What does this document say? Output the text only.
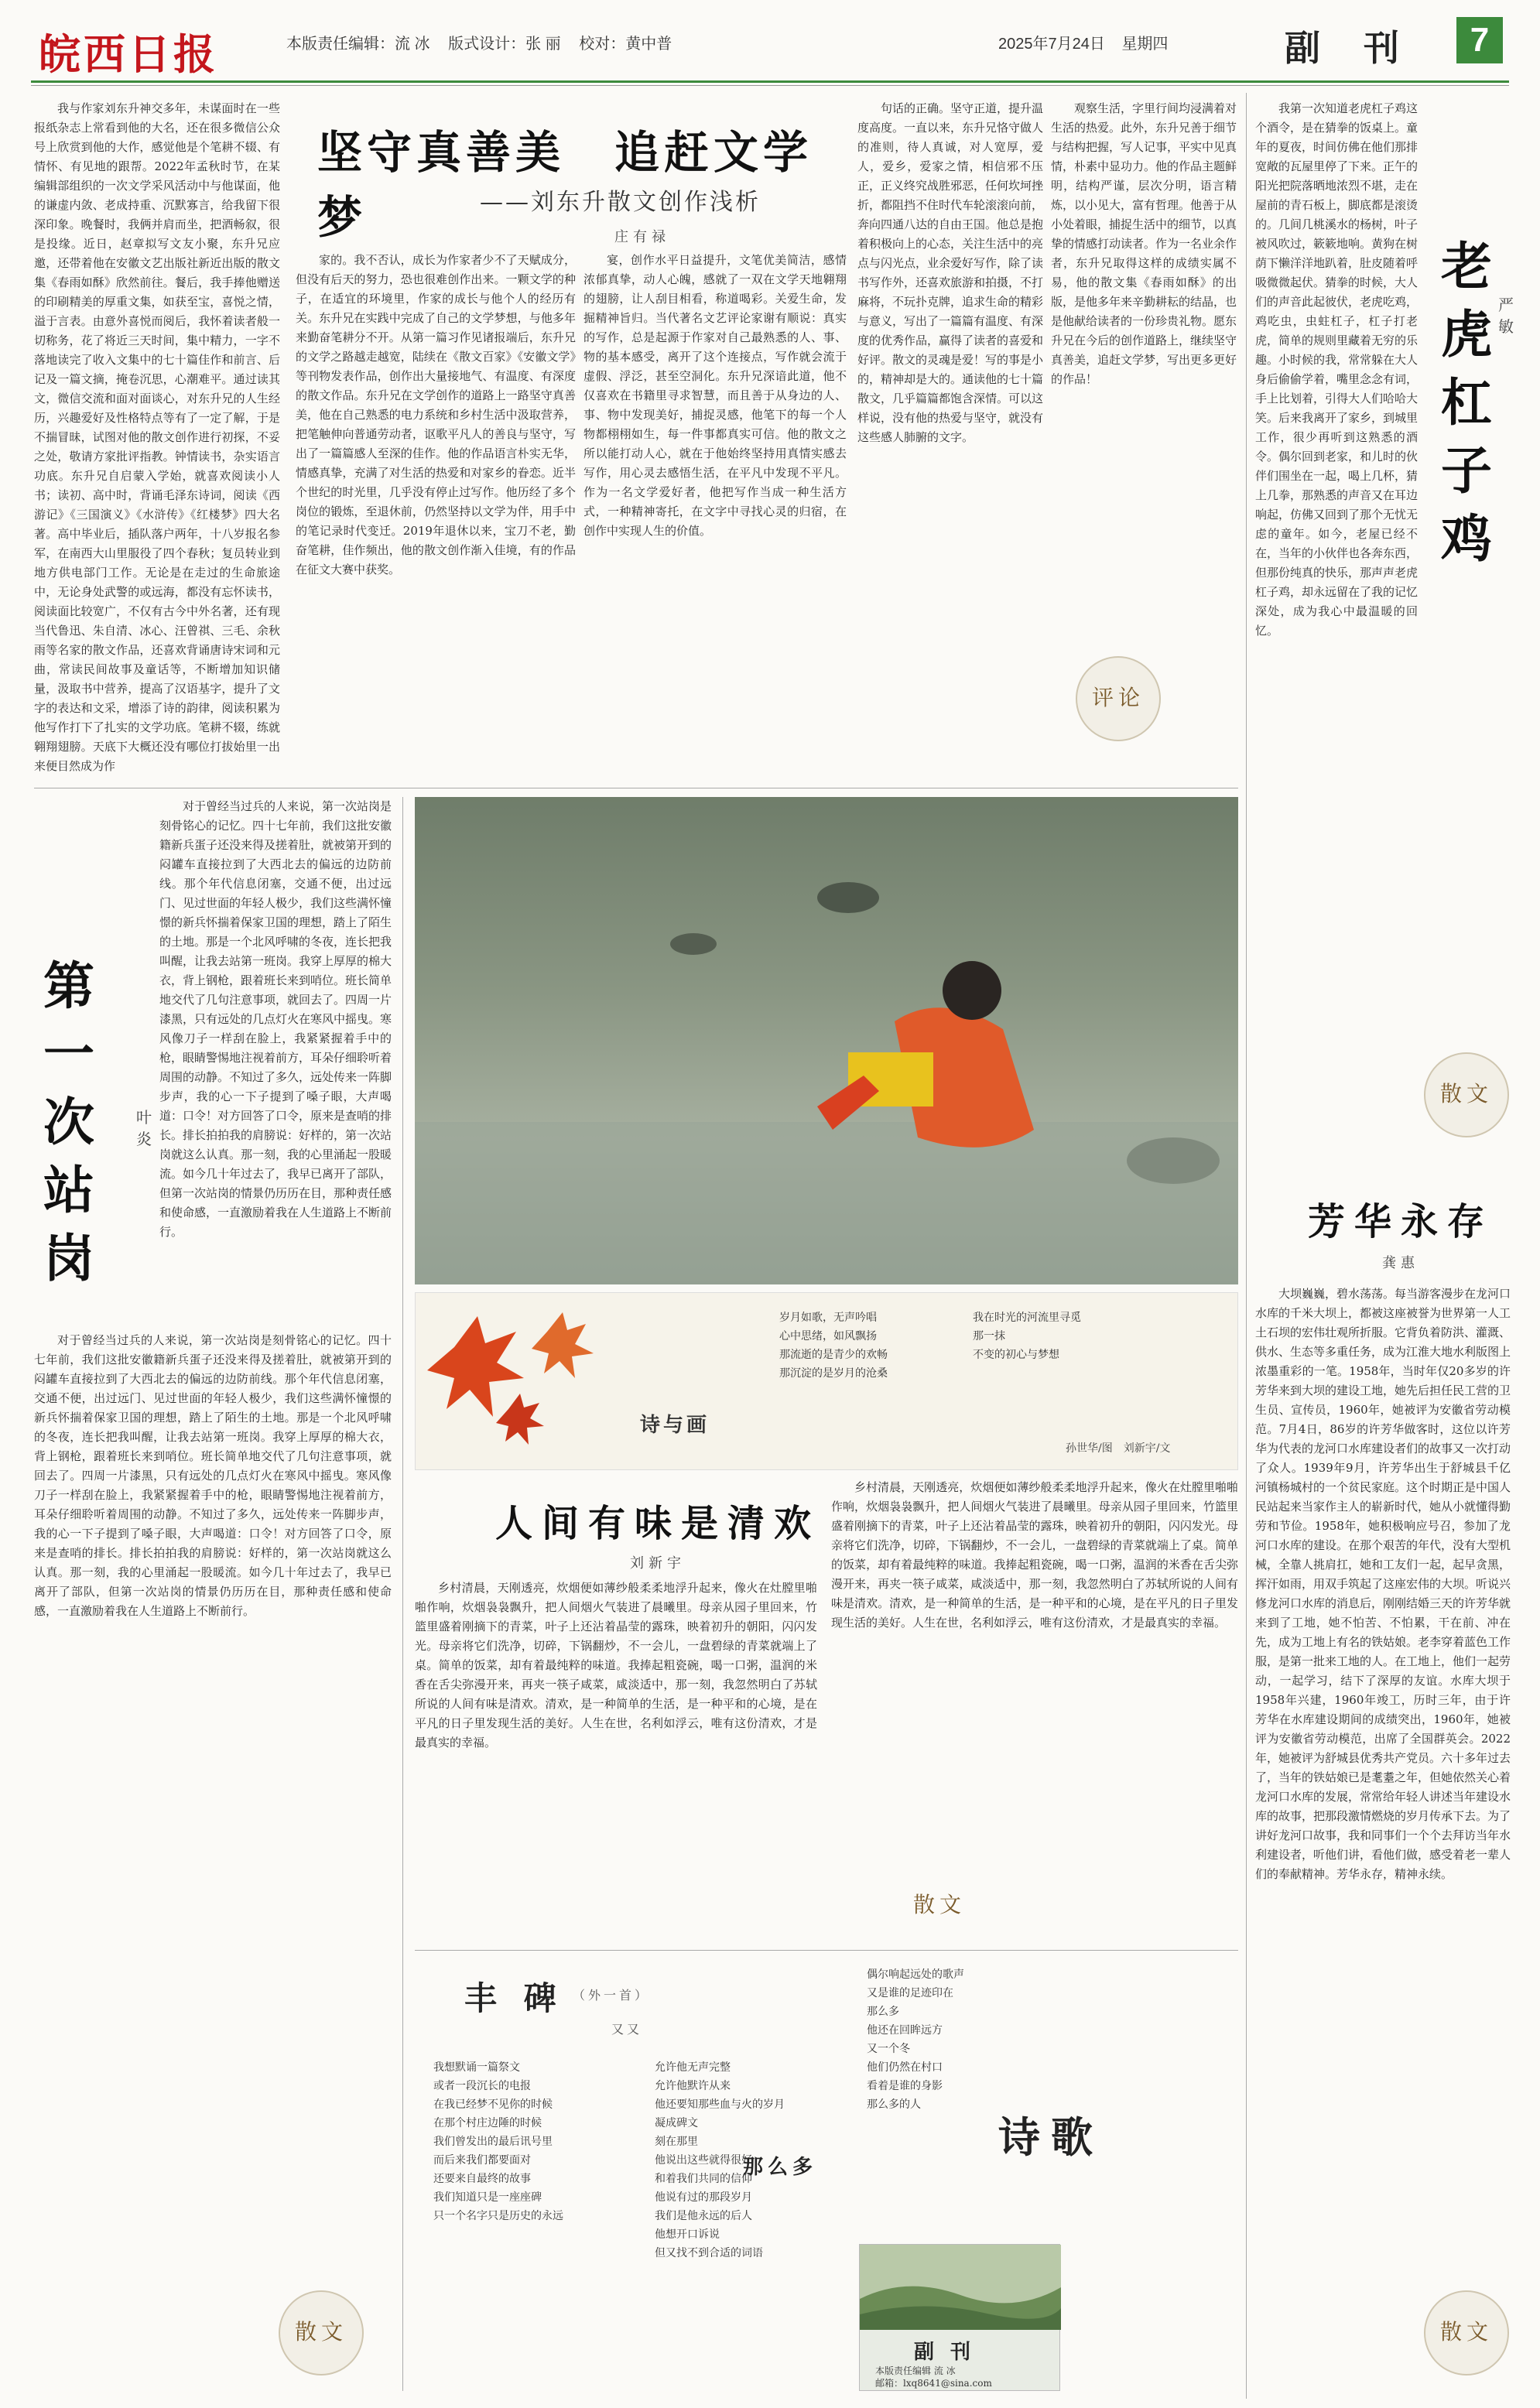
皖西日报	本版责任编辑：流 冰 版式设计：张 丽 校对：黄中普	2025年7月24日 星期四	副 刊	7

我与作家刘东升神交多年，未谋面时在一些报纸杂志上常看到他的大名，还在很多微信公众号上欣赏到他的大作，感觉他是个笔耕不辍、有情怀、有见地的跟帮。2022年孟秋时节，在某编辑部组织的一次文学采风活动中与他谋面，他的谦虚内敛、老成持重、沉默寡言，给我留下很深印象。晚餐时，我俩并肩而坐，把酒畅叙，很是投缘。近日，赵章拟写文友小聚，东升兄应邀，还带着他在安徽文艺出版社新近出版的散文集《春雨如酥》欣然前往。餐后，我手捧他赠送的印刷精美的厚重文集，如获至宝，喜悦之情，溢于言表。由意外喜悦而阅后，我怀着读者般一切称务，花了将近三天时间，集中精力，一字不落地读完了收入文集中的七十篇佳作和前言、后记及一篇文摘，掩卷沉思，心潮难平。通过读其文，微信交流和面对面谈心，对东升兄的人生经历，兴趣爱好及性格特点等有了一定了解，于是不揣冒昧，试图对他的散文创作进行初探，不妥之处，敬请方家批评指教。钟情读书，杂实语言功底。东升兄自启蒙入学始，就喜欢阅读小人书；读初、高中时，背诵毛泽东诗词，阅读《西游记》《三国演义》《水浒传》《红楼梦》四大名著。高中毕业后，插队落户两年，十八岁报名参军，在南西大山里服役了四个春秋；复员转业到地方供电部门工作。无论是在走过的生命旅途中，无论身处武警的或远海，都没有忘怀读书，阅读面比较宽广，不仅有古今中外名著，还有现当代鲁迅、朱自清、冰心、汪曾祺、三毛、余秋雨等名家的散文作品，还喜欢背诵唐诗宋词和元曲，常读民间故事及童话等，不断增加知识储量，汲取书中营养，提高了汉语基字，提升了文字的表达和文采，增添了诗的韵律，阅读积累为他写作打下了扎实的文学功底。笔耕不辍，练就翱翔翅膀。天底下大概还没有哪位打拔始里一出来便目然成为作

坚守真善美　追赶文学梦	——刘东升散文创作浅析
庄有禄

家的。我不否认，成长为作家者少不了天赋成分，但没有后天的努力，恐也很难创作出来。一颗文学的种子，在适宜的环境里，作家的成长与他个人的经历有关。东升兄在实践中完成了自己的文学梦想，与他多年来勤奋笔耕分不开。从第一篇习作见诸报端后，东升兄的文学之路越走越宽，陆续在《散文百家》《安徽文学》等刊物发表作品，创作出大量接地气、有温度、有深度的散文作品。东升兄在文学创作的道路上一路坚守真善美，他在自己熟悉的电力系统和乡村生活中汲取营养，把笔触伸向普通劳动者，讴歌平凡人的善良与坚守，写出了一篇篇感人至深的佳作。他的作品语言朴实无华，情感真挚，充满了对生活的热爱和对家乡的眷恋。近半个世纪的时光里，几乎没有停止过写作。他历经了多个岗位的锻炼，至退休前，仍然坚持以文学为伴，用手中的笔记录时代变迁。2019年退休以来，宝刀不老，勤奋笔耕，佳作频出，他的散文创作渐入佳境，有的作品在征文大赛中获奖。

宴，创作水平日益提升，文笔优美简洁，感情浓郁真挚，动人心魄，感就了一双在文学天地翱翔的翅膀，让人刮目相看，称道喝彩。关爱生命，发掘精神旨归。当代著名文艺评论家谢有顺说：真实的写作，总是起源于作家对自己最熟悉的人、事、物的基本感受，离开了这个连接点，写作就会流于虚假、浮泛，甚至空洞化。东升兄深谙此道，他不仅喜欢在书籍里寻求智慧，而且善于从身边的人、事、物中发现美好，捕捉灵感，他笔下的每一个人物都栩栩如生，每一件事都真实可信。他的散文之所以能打动人心，就在于他始终坚持用真情实感去写作，用心灵去感悟生活，在平凡中发现不平凡。作为一名文学爱好者，他把写作当成一种生活方式，一种精神寄托，在文字中寻找心灵的归宿，在创作中实现人生的价值。

句话的正确。坚守正道，提升温度高度。一直以来，东升兄恪守做人的准则，待人真诚，对人宽厚，爱人，爱乡，爱家之情，相信邪不压正，正义终究战胜邪恶，任何坎坷挫折，都阻挡不住时代车轮滚滚向前，奔向四通八达的自由王国。他总是抱着积极向上的心态，关注生活中的亮点与闪光点，业余爱好写作，除了读书写作外，还喜欢旅游和拍摄，不打麻将，不玩扑克牌，追求生命的精彩与意义，写出了一篇篇有温度、有深度的优秀作品，赢得了读者的喜爱和好评。散文的灵魂是爱！写的事是小的，精神却是大的。通读他的七十篇散文，几乎篇篇都饱含深情。可以这样说，没有他的热爱与坚守，就没有这些感人肺腑的文字。

观察生活，字里行间均浸满着对生活的热爱。此外，东升兄善于细节与结构把握，写人记事，平实中见真情，朴素中显功力。他的作品主题鲜明，结构严谨，层次分明，语言精炼，以小见大，富有哲理。他善于从小处着眼，捕捉生活中的细节，以真挚的情感打动读者。作为一名业余作者，东升兄取得这样的成绩实属不易，他的散文集《春雨如酥》的出版，是他多年来辛勤耕耘的结晶，也是他献给读者的一份珍贵礼物。愿东升兄在今后的创作道路上，继续坚守真善美，追赶文学梦，写出更多更好的作品！

评论

我第一次知道老虎杠子鸡这个酒令，是在猜拳的饭桌上。童年的夏夜，时间仿佛在他们那排宽敞的瓦屋里停了下来。正午的阳光把院落晒地浓烈不堪，走在屋前的青石板上，脚底都是滚烫的。几间几桃溪水的杨树，叶子被风吹过，簌簌地响。黄狗在树荫下懒洋洋地趴着，肚皮随着呼吸微微起伏。猜拳的时候，大人们的声音此起彼伏，老虎吃鸡，鸡吃虫，虫蛀杠子，杠子打老虎，简单的规则里藏着无穷的乐趣。小时候的我，常常躲在大人身后偷偷学着，嘴里念念有词，手上比划着，引得大人们哈哈大笑。后来我离开了家乡，到城里工作，很少再听到这熟悉的酒令。偶尔回到老家，和儿时的伙伴们围坐在一起，喝上几杯，猜上几拳，那熟悉的声音又在耳边响起，仿佛又回到了那个无忧无虑的童年。如今，老屋已经不在，当年的小伙伴也各奔东西，但那份纯真的快乐，那声声老虎杠子鸡，却永远留在了我的记忆深处，成为我心中最温暖的回忆。

老虎杠子鸡
严敏
散文
芳华永存
龚惠

大坝巍巍，碧水荡荡。每当游客漫步在龙河口水库的千米大坝上，都被这座被誉为世界第一人工土石坝的宏伟壮观所折服。它背负着防洪、灌溉、供水、生态等多重任务，成为江淮大地水利版图上浓墨重彩的一笔。1958年，当时年仅20多岁的许芳华来到大坝的建设工地，她先后担任民工营的卫生员、宣传员，1960年，她被评为安徽省劳动模范。7月4日，86岁的许芳华做客时，这位以许芳华为代表的龙河口水库建设者们的故事又一次打动了众人。1939年9月，许芳华出生于舒城县千亿河镇杨城村的一个贫民家庭。这个时期正是中国人民站起来当家作主人的崭新时代，她从小就懂得勤劳和节俭。1958年，她积极响应号召，参加了龙河口水库的建设。在那个艰苦的年代，没有大型机械，全靠人挑肩扛，她和工友们一起，起早贪黑，挥汗如雨，用双手筑起了这座宏伟的大坝。听说兴修龙河口水库的消息后，刚刚结婚三天的许芳华就来到了工地，她不怕苦、不怕累，干在前、冲在先，成为工地上有名的铁姑娘。老李穿着蓝色工作服，是第一批来工地的人。在工地上，他们一起劳动，一起学习，结下了深厚的友谊。水库大坝于1958年兴建，1960年竣工，历时三年，由于许芳华在水库建设期间的成绩突出，1960年，她被评为安徽省劳动模范，出席了全国群英会。2022年，她被评为舒城县优秀共产党员。六十多年过去了，当年的铁姑娘已是耄耋之年，但她依然关心着龙河口水库的发展，常常给年轻人讲述当年建设水库的故事，把那段激情燃烧的岁月传承下去。为了讲好龙河口故事，我和同事们一个个去拜访当年水利建设者，听他们讲，看他们做，感受着老一辈人们的奉献精神。芳华永存，精神永续。

散文
第一次站岗
叶炎

对于曾经当过兵的人来说，第一次站岗是刻骨铭心的记忆。四十七年前，我们这批安徽籍新兵蛋子还没来得及搓着肚，就被第开到的闷罐车直接拉到了大西北去的偏远的边防前线。那个年代信息闭塞，交通不便，出过远门、见过世面的年轻人极少，我们这些满怀憧憬的新兵怀揣着保家卫国的理想，踏上了陌生的土地。那是一个北风呼啸的冬夜，连长把我叫醒，让我去站第一班岗。我穿上厚厚的棉大衣，背上钢枪，跟着班长来到哨位。班长简单地交代了几句注意事项，就回去了。四周一片漆黑，只有远处的几点灯火在寒风中摇曳。寒风像刀子一样刮在脸上，我紧紧握着手中的枪，眼睛警惕地注视着前方，耳朵仔细聆听着周围的动静。不知过了多久，远处传来一阵脚步声，我的心一下子提到了嗓子眼，大声喝道：口令！对方回答了口令，原来是查哨的排长。排长拍拍我的肩膀说：好样的，第一次站岗就这么认真。那一刻，我的心里涌起一股暖流。如今几十年过去了，我早已离开了部队，但第一次站岗的情景仍历历在目，那种责任感和使命感，一直激励着我在人生道路上不断前行。

对于曾经当过兵的人来说，第一次站岗是刻骨铭心的记忆。四十七年前，我们这批安徽籍新兵蛋子还没来得及搓着肚，就被第开到的闷罐车直接拉到了大西北去的偏远的边防前线。那个年代信息闭塞，交通不便，出过远门、见过世面的年轻人极少，我们这些满怀憧憬的新兵怀揣着保家卫国的理想，踏上了陌生的土地。那是一个北风呼啸的冬夜，连长把我叫醒，让我去站第一班岗。我穿上厚厚的棉大衣，背上钢枪，跟着班长来到哨位。班长简单地交代了几句注意事项，就回去了。四周一片漆黑，只有远处的几点灯火在寒风中摇曳。寒风像刀子一样刮在脸上，我紧紧握着手中的枪，眼睛警惕地注视着前方，耳朵仔细聆听着周围的动静。不知过了多久，远处传来一阵脚步声，我的心一下子提到了嗓子眼，大声喝道：口令！对方回答了口令，原来是查哨的排长。排长拍拍我的肩膀说：好样的，第一次站岗就这么认真。那一刻，我的心里涌起一股暖流。如今几十年过去了，我早已离开了部队，但第一次站岗的情景仍历历在目，那种责任感和使命感，一直激励着我在人生道路上不断前行。

散文
诗与画
岁月如歌，无声吟唱
心中思绪，如风飘扬
那流逝的是青少的欢畅
那沉淀的是岁月的沧桑
我在时光的河流里寻觅
那一抹
不变的初心与梦想
孙世华/图　刘新宇/文
人间有味是清欢
刘新宇

乡村清晨，天刚透亮，炊烟便如薄纱般柔柔地浮升起来，像火在灶膛里啪啪作响，炊烟袅袅飘升，把人间烟火气装进了晨曦里。母亲从园子里回来，竹篮里盛着刚摘下的青菜，叶子上还沾着晶莹的露珠，映着初升的朝阳，闪闪发光。母亲将它们洗净，切碎，下锅翻炒，不一会儿，一盘碧绿的青菜就端上了桌。简单的饭菜，却有着最纯粹的味道。我捧起粗瓷碗，喝一口粥，温润的米香在舌尖弥漫开来，再夹一筷子咸菜，咸淡适中，那一刻，我忽然明白了苏轼所说的人间有味是清欢。清欢，是一种简单的生活，是一种平和的心境，是在平凡的日子里发现生活的美好。人生在世，名利如浮云，唯有这份清欢，才是最真实的幸福。

乡村清晨，天刚透亮，炊烟便如薄纱般柔柔地浮升起来，像火在灶膛里啪啪作响，炊烟袅袅飘升，把人间烟火气装进了晨曦里。母亲从园子里回来，竹篮里盛着刚摘下的青菜，叶子上还沾着晶莹的露珠，映着初升的朝阳，闪闪发光。母亲将它们洗净，切碎，下锅翻炒，不一会儿，一盘碧绿的青菜就端上了桌。简单的饭菜，却有着最纯粹的味道。我捧起粗瓷碗，喝一口粥，温润的米香在舌尖弥漫开来，再夹一筷子咸菜，咸淡适中，那一刻，我忽然明白了苏轼所说的人间有味是清欢。清欢，是一种简单的生活，是一种平和的心境，是在平凡的日子里发现生活的美好。人生在世，名利如浮云，唯有这份清欢，才是最真实的幸福。

散文
丰 碑 （外一首）
又又
我想默诵一篇祭文
或者一段沉长的电报
在我已经梦不见你的时候
在那个村庄边陲的时候
我们曾发出的最后讯号里
而后来我们都要面对
还要来自最终的故事
我们知道只是一座座碑
只一个名字只是历史的永远
允许他无声完整
允许他默许从来
他还要知那些血与火的岁月
凝成碑文
刻在那里
他说出这些就得很好
和着我们共同的信仰
他说有过的那段岁月
我们是他永远的后人
他想开口诉说
但又找不到合适的词语
那么多
偶尔响起远处的歌声
又是谁的足迹印在
那么多
他还在回眸远方
又一个冬
他们仍然在村口
看着是谁的身影
那么多的人
诗歌
副 刊
本版责任编辑 流 冰
邮箱：lxq8641@sina.com
